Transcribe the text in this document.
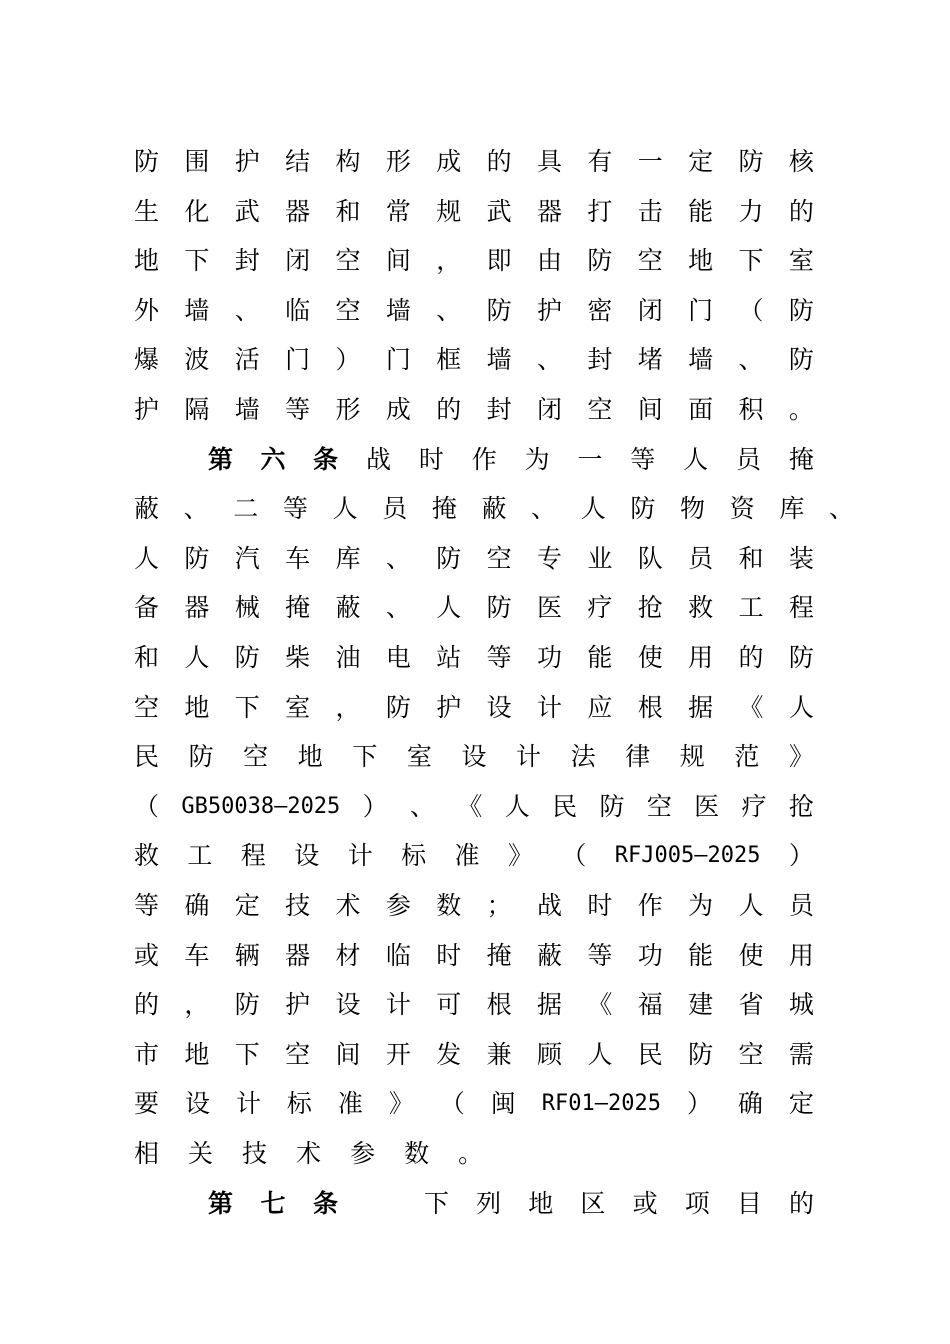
防 围 护 结 构 形 成 的 具 有 一 定 防 核
生 化 武 器 和 常 规 武 器 打 击 能 力 的
地 下 封 闭 空 间 ， 即 由 防 空 地 下 室
外 墙 、 临 空 墙 、 防 护 密 闭 门 （ 防
爆 波 活 门 ） 门 框 墙 、 封 堵 墙 、 防
护 隔 墙 等 形 成 的 封 闭 空 间 面 积 。
第 六 条 战 时 作 为 一 等 人 员 掩
蔽 、 二 等 人 员 掩 蔽 、 人 防 物 资 库 、
人 防 汽 车 库 、 防 空 专 业 队 员 和 装
备 器 械 掩 蔽 、 人 防 医 疗 抢 救 工 程
和 人 防 柴 油 电 站 等 功 能 使 用 的 防
空 地 下 室 ， 防 护 设 计 应 根 据 《 人
民 防 空 地 下 室 设 计 法 律 规 范 》
（ GB50038—2025 ） 、 《 人 民 防 空 医 疗 抢
救 工 程 设 计 标 准 》 （ RFJ005—2025 ）
等 确 定 技 术 参 数 ； 战 时 作 为 人 员
或 车 辆 器 材 临 时 掩 蔽 等 功 能 使 用
的 ， 防 护 设 计 可 根 据 《 福 建 省 城
市 地 下 空 间 开 发 兼 顾 人 民 防 空 需
要 设 计 标 准 》 （ 闽 RF01—2025 ） 确 定
相 关 技 术 参 数 。
第 七 条	下 列 地 区 或 项 目 的
